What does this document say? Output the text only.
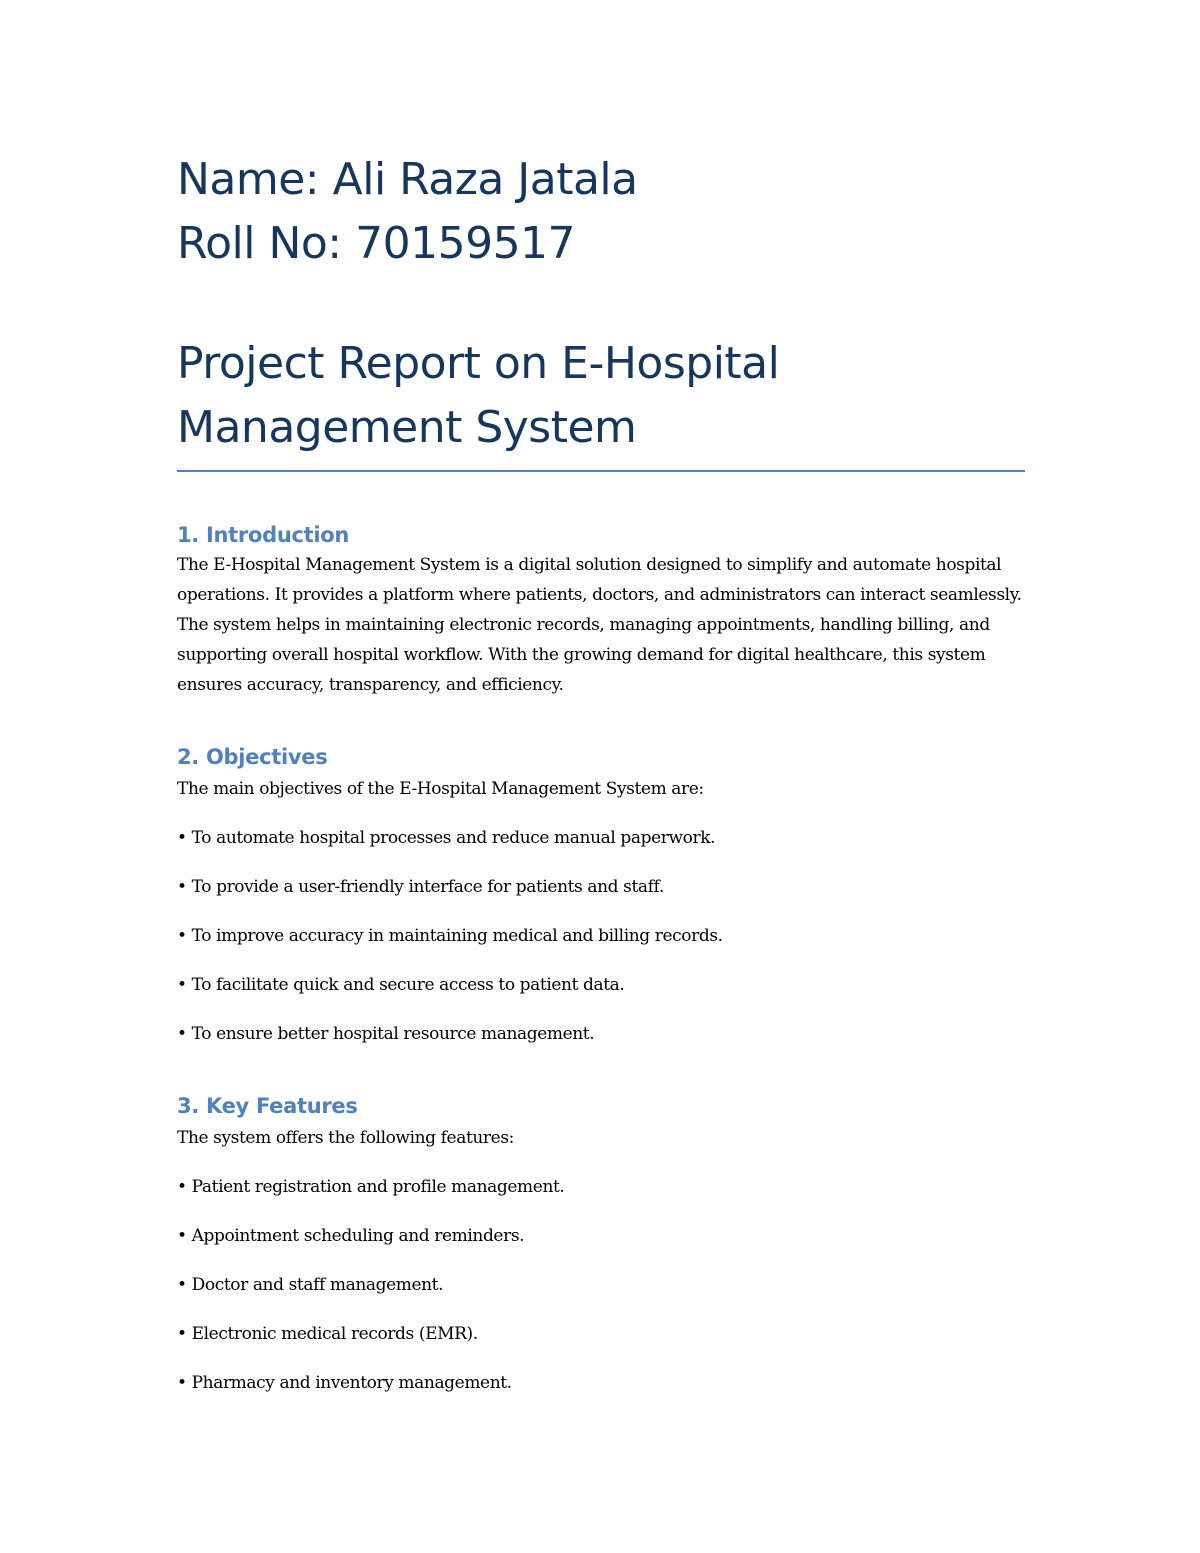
Name: Ali Raza Jatala
Roll No: 70159517
Project Report on E-Hospital
Management System
1. Introduction

The E-Hospital Management System is a digital solution designed to simplify and automate hospital operations. It provides a platform where patients, doctors, and administrators can interact seamlessly. The system helps in maintaining electronic records, managing appointments, handling billing, and supporting overall hospital workflow. With the growing demand for digital healthcare, this system ensures accuracy, transparency, and efficiency.

2. Objectives

The main objectives of the E-Hospital Management System are:

• To automate hospital processes and reduce manual paperwork.
• To provide a user-friendly interface for patients and staff.
• To improve accuracy in maintaining medical and billing records.
• To facilitate quick and secure access to patient data.
• To ensure better hospital resource management.
3. Key Features

The system offers the following features:

• Patient registration and profile management.
• Appointment scheduling and reminders.
• Doctor and staff management.
• Electronic medical records (EMR).
• Pharmacy and inventory management.
